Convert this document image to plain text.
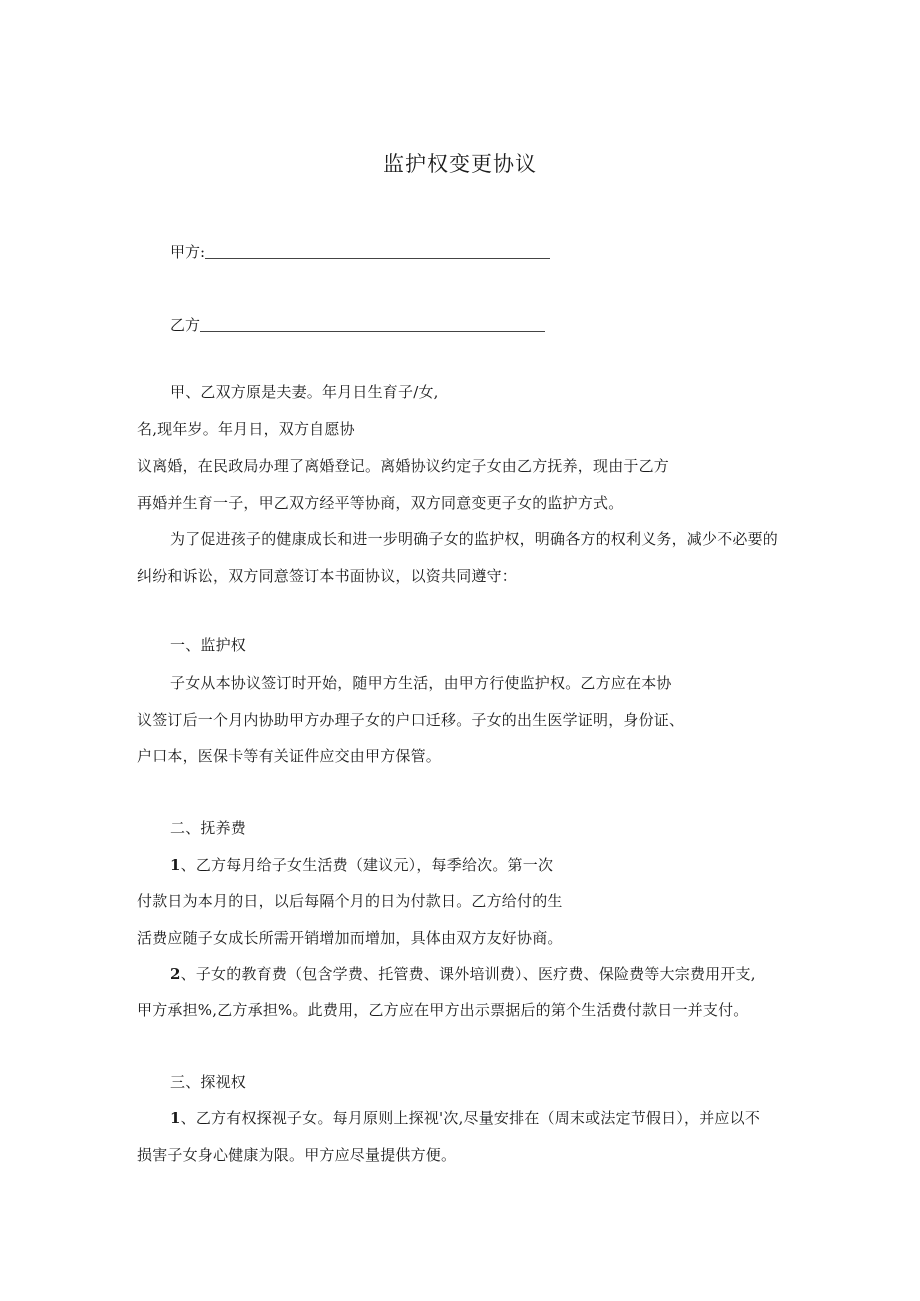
监护权变更协议
甲方:
乙方
甲、乙双方原是夫妻。年月日生育子/女,
名,现年岁。年月日，双方自愿协
议离婚，在民政局办理了离婚登记。离婚协议约定子女由乙方抚养，现由于乙方
再婚并生育一子，甲乙双方经平等协商，双方同意变更子女的监护方式。
为了促进孩子的健康成长和进一步明确子女的监护权，明确各方的权利义务，减少不必要的
纠纷和诉讼，双方同意签订本书面协议，以资共同遵守：
一、监护权
子女从本协议签订时开始，随甲方生活，由甲方行使监护权。乙方应在本协
议签订后一个月内协助甲方办理子女的户口迁移。子女的出生医学证明，身份证、
户口本，医保卡等有关证件应交由甲方保管。
二、抚养费
1、乙方每月给子女生活费（建议元），每季给次。第一次
付款日为本月的日，以后每隔个月的日为付款日。乙方给付的生
活费应随子女成长所需开销增加而增加，具体由双方友好协商。
2、子女的教育费（包含学费、托管费、课外培训费）、医疗费、保险费等大宗费用开支,
甲方承担%,乙方承担%。此费用，乙方应在甲方出示票据后的第个生活费付款日一并支付。
三、探视权
1、乙方有权探视子女。每月原则上探视'次,尽量安排在（周末或法定节假日），并应以不
损害子女身心健康为限。甲方应尽量提供方便。
